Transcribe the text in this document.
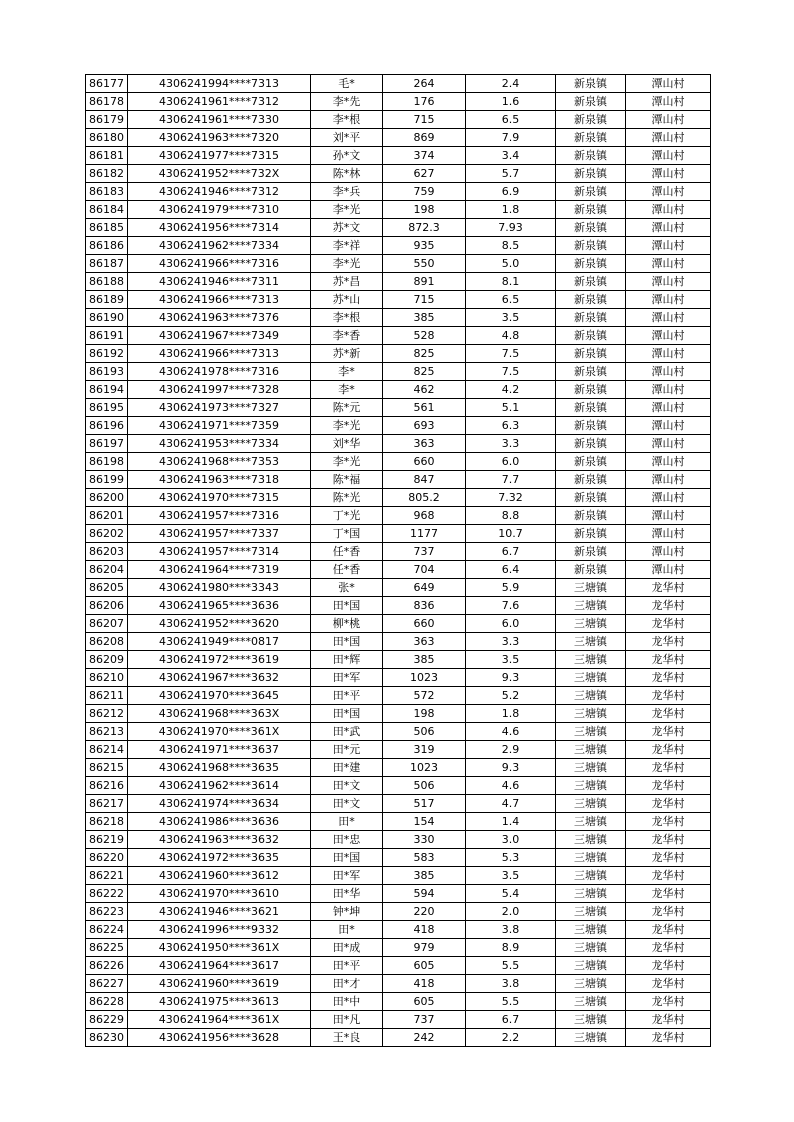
86177	4306241994****7313	毛*	264	2.4	新泉镇	潭山村
86178	4306241961****7312	李*先	176	1.6	新泉镇	潭山村
86179	4306241961****7330	李*根	715	6.5	新泉镇	潭山村
86180	4306241963****7320	刘*平	869	7.9	新泉镇	潭山村
86181	4306241977****7315	孙*文	374	3.4	新泉镇	潭山村
86182	4306241952****732X	陈*林	627	5.7	新泉镇	潭山村
86183	4306241946****7312	李*兵	759	6.9	新泉镇	潭山村
86184	4306241979****7310	李*光	198	1.8	新泉镇	潭山村
86185	4306241956****7314	苏*文	872.3	7.93	新泉镇	潭山村
86186	4306241962****7334	李*祥	935	8.5	新泉镇	潭山村
86187	4306241966****7316	李*光	550	5.0	新泉镇	潭山村
86188	4306241946****7311	苏*昌	891	8.1	新泉镇	潭山村
86189	4306241966****7313	苏*山	715	6.5	新泉镇	潭山村
86190	4306241963****7376	李*根	385	3.5	新泉镇	潭山村
86191	4306241967****7349	李*香	528	4.8	新泉镇	潭山村
86192	4306241966****7313	苏*新	825	7.5	新泉镇	潭山村
86193	4306241978****7316	李*	825	7.5	新泉镇	潭山村
86194	4306241997****7328	李*	462	4.2	新泉镇	潭山村
86195	4306241973****7327	陈*元	561	5.1	新泉镇	潭山村
86196	4306241971****7359	李*光	693	6.3	新泉镇	潭山村
86197	4306241953****7334	刘*华	363	3.3	新泉镇	潭山村
86198	4306241968****7353	李*光	660	6.0	新泉镇	潭山村
86199	4306241963****7318	陈*福	847	7.7	新泉镇	潭山村
86200	4306241970****7315	陈*光	805.2	7.32	新泉镇	潭山村
86201	4306241957****7316	丁*光	968	8.8	新泉镇	潭山村
86202	4306241957****7337	丁*国	1177	10.7	新泉镇	潭山村
86203	4306241957****7314	任*香	737	6.7	新泉镇	潭山村
86204	4306241964****7319	任*香	704	6.4	新泉镇	潭山村
86205	4306241980****3343	张*	649	5.9	三塘镇	龙华村
86206	4306241965****3636	田*国	836	7.6	三塘镇	龙华村
86207	4306241952****3620	柳*桃	660	6.0	三塘镇	龙华村
86208	4306241949****0817	田*国	363	3.3	三塘镇	龙华村
86209	4306241972****3619	田*辉	385	3.5	三塘镇	龙华村
86210	4306241967****3632	田*军	1023	9.3	三塘镇	龙华村
86211	4306241970****3645	田*平	572	5.2	三塘镇	龙华村
86212	4306241968****363X	田*国	198	1.8	三塘镇	龙华村
86213	4306241970****361X	田*武	506	4.6	三塘镇	龙华村
86214	4306241971****3637	田*元	319	2.9	三塘镇	龙华村
86215	4306241968****3635	田*建	1023	9.3	三塘镇	龙华村
86216	4306241962****3614	田*文	506	4.6	三塘镇	龙华村
86217	4306241974****3634	田*文	517	4.7	三塘镇	龙华村
86218	4306241986****3636	田*	154	1.4	三塘镇	龙华村
86219	4306241963****3632	田*忠	330	3.0	三塘镇	龙华村
86220	4306241972****3635	田*国	583	5.3	三塘镇	龙华村
86221	4306241960****3612	田*军	385	3.5	三塘镇	龙华村
86222	4306241970****3610	田*华	594	5.4	三塘镇	龙华村
86223	4306241946****3621	钟*坤	220	2.0	三塘镇	龙华村
86224	4306241996****9332	田*	418	3.8	三塘镇	龙华村
86225	4306241950****361X	田*成	979	8.9	三塘镇	龙华村
86226	4306241964****3617	田*平	605	5.5	三塘镇	龙华村
86227	4306241960****3619	田*才	418	3.8	三塘镇	龙华村
86228	4306241975****3613	田*中	605	5.5	三塘镇	龙华村
86229	4306241964****361X	田*凡	737	6.7	三塘镇	龙华村
86230	4306241956****3628	王*良	242	2.2	三塘镇	龙华村
